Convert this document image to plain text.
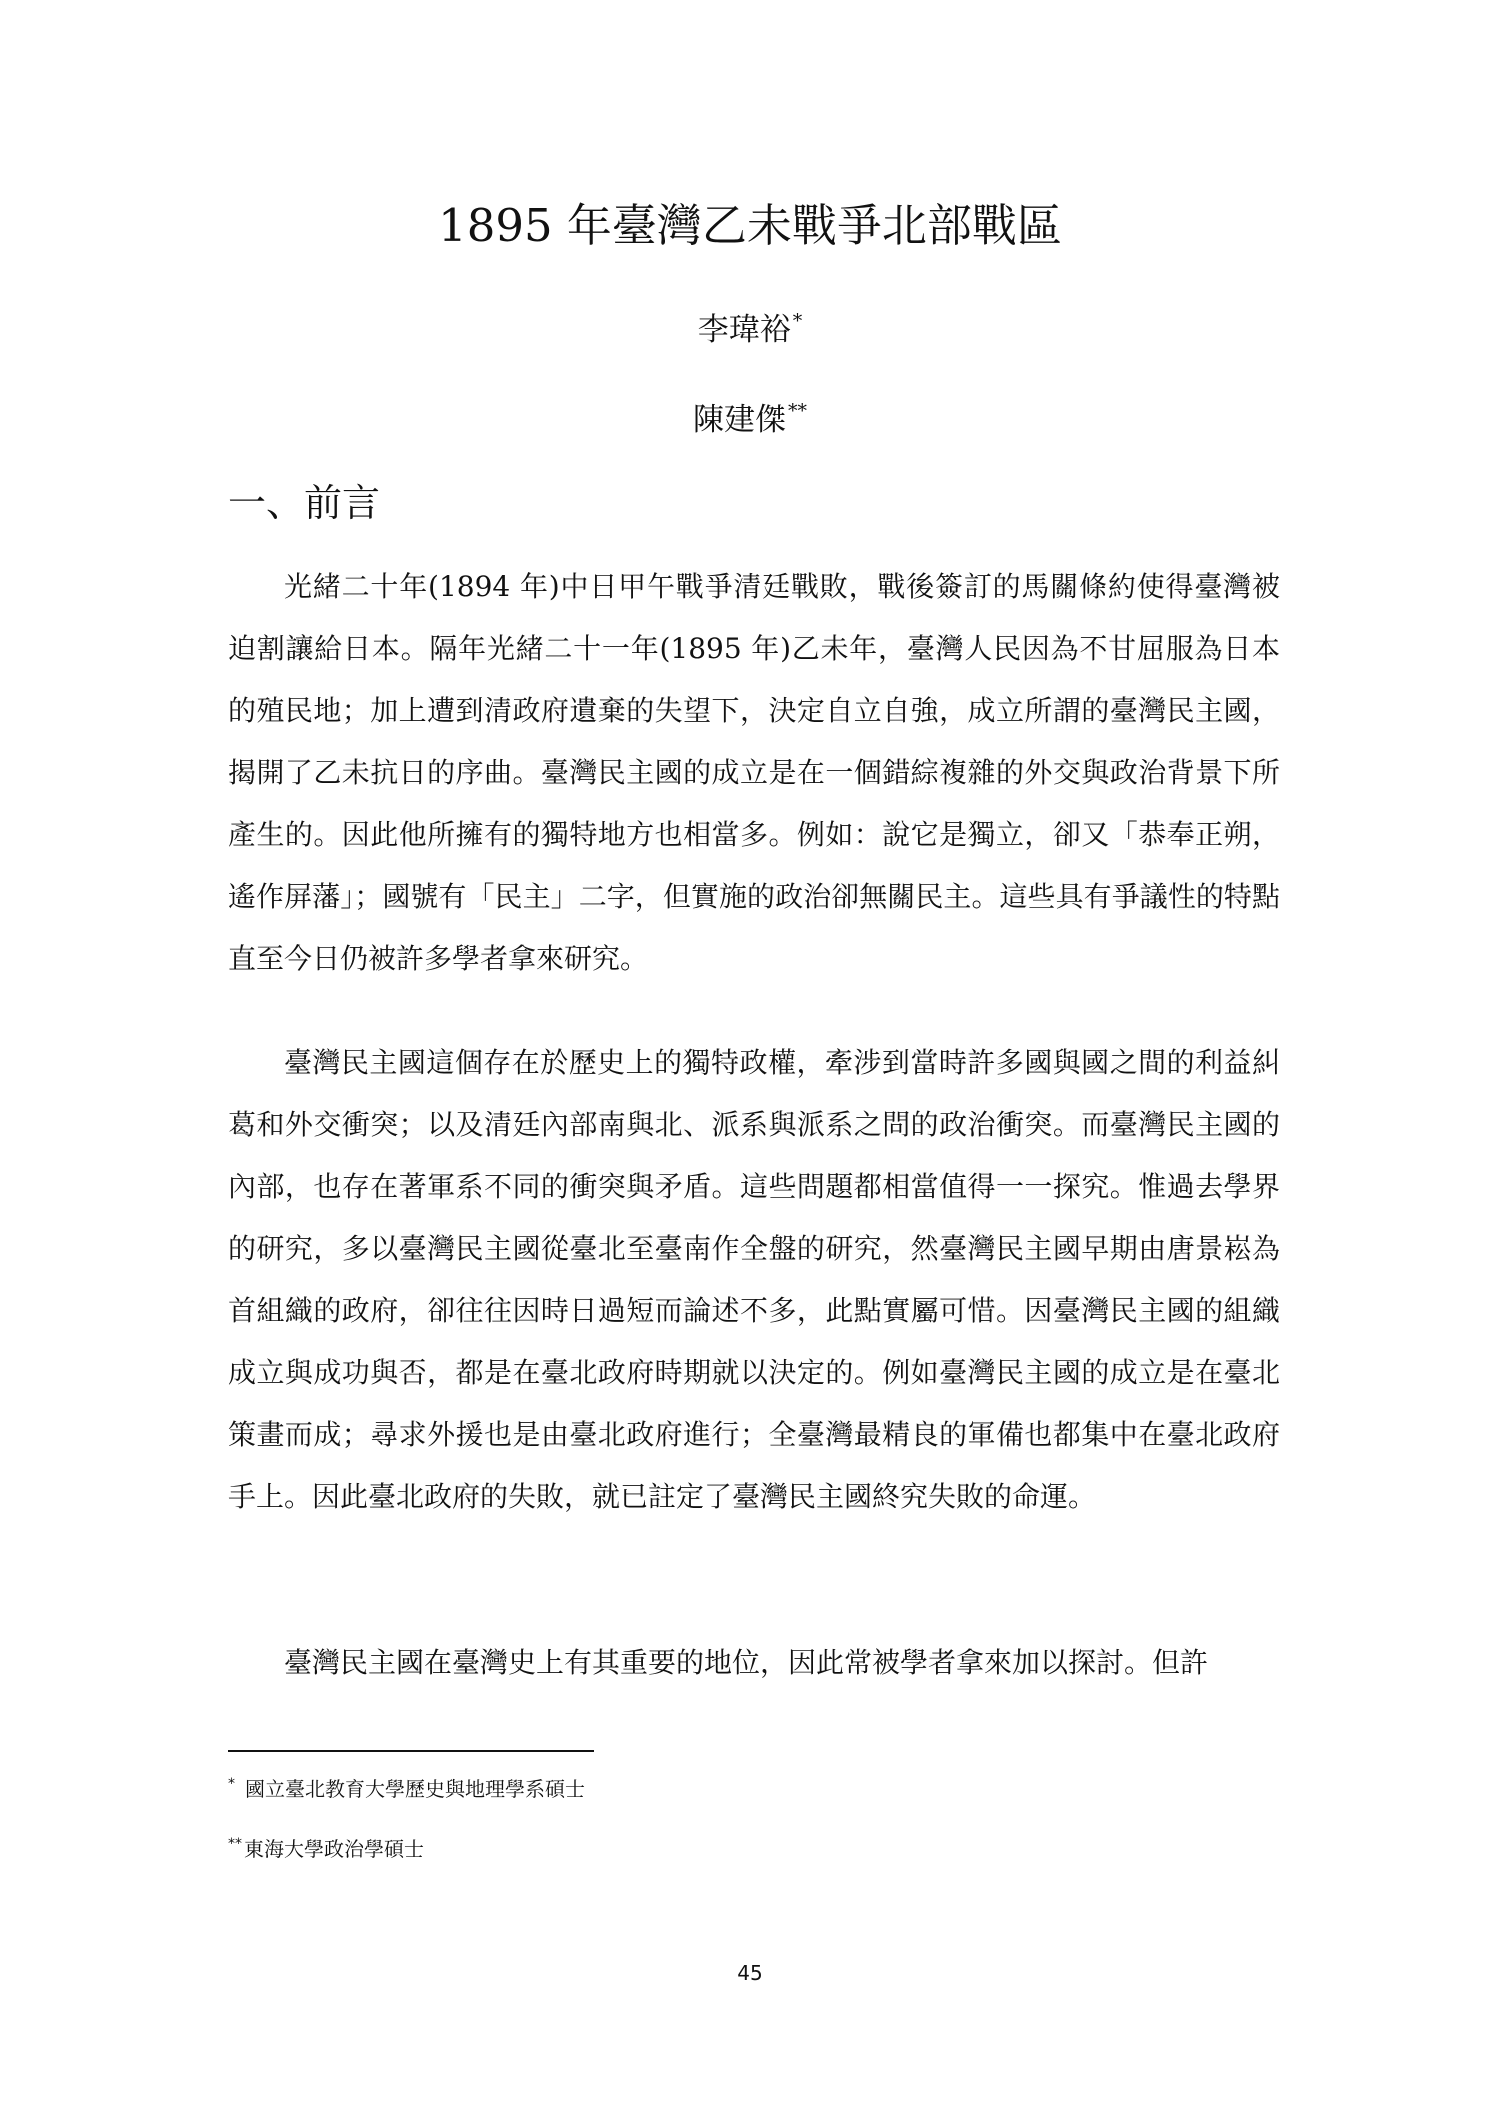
1895 年臺灣乙未戰爭北部戰區
李瑋裕 *
陳建傑 **
一、前言

光緒二十年(1894 年)中日甲午戰爭清廷戰敗，戰後簽訂的馬關條約使得臺灣被迫割讓給日本。隔年光緒二十一年(1895 年)乙未年，臺灣人民因為不甘屈服為日本的殖民地；加上遭到清政府遺棄的失望下，決定自立自強，成立所謂的臺灣民主國，揭開了乙未抗日的序曲。臺灣民主國的成立是在一個錯綜複雜的外交與政治背景下所產生的。因此他所擁有的獨特地方也相當多。例如：說它是獨立，卻又「恭奉正朔，遙作屏藩」；國號有「民主」二字，但實施的政治卻無關民主。這些具有爭議性的特點直至今日仍被許多學者拿來研究。

臺灣民主國這個存在於歷史上的獨特政權，牽涉到當時許多國與國之間的利益糾葛和外交衝突；以及清廷內部南與北、派系與派系之問的政治衝突。而臺灣民主國的內部，也存在著軍系不同的衝突與矛盾。這些問題都相當值得一一探究。惟過去學界的研究，多以臺灣民主國從臺北至臺南作全盤的研究，然臺灣民主國早期由唐景崧為首組織的政府，卻往往因時日過短而論述不多，此點實屬可惜。因臺灣民主國的組織成立與成功與否，都是在臺北政府時期就以決定的。例如臺灣民主國的成立是在臺北策畫而成；尋求外援也是由臺北政府進行；全臺灣最精良的軍備也都集中在臺北政府手上。因此臺北政府的失敗，就已註定了臺灣民主國終究失敗的命運。

臺灣民主國在臺灣史上有其重要的地位，因此常被學者拿來加以探討。但許

* 國立臺北教育大學歷史與地理學系碩士
** 東海大學政治學碩士
45
